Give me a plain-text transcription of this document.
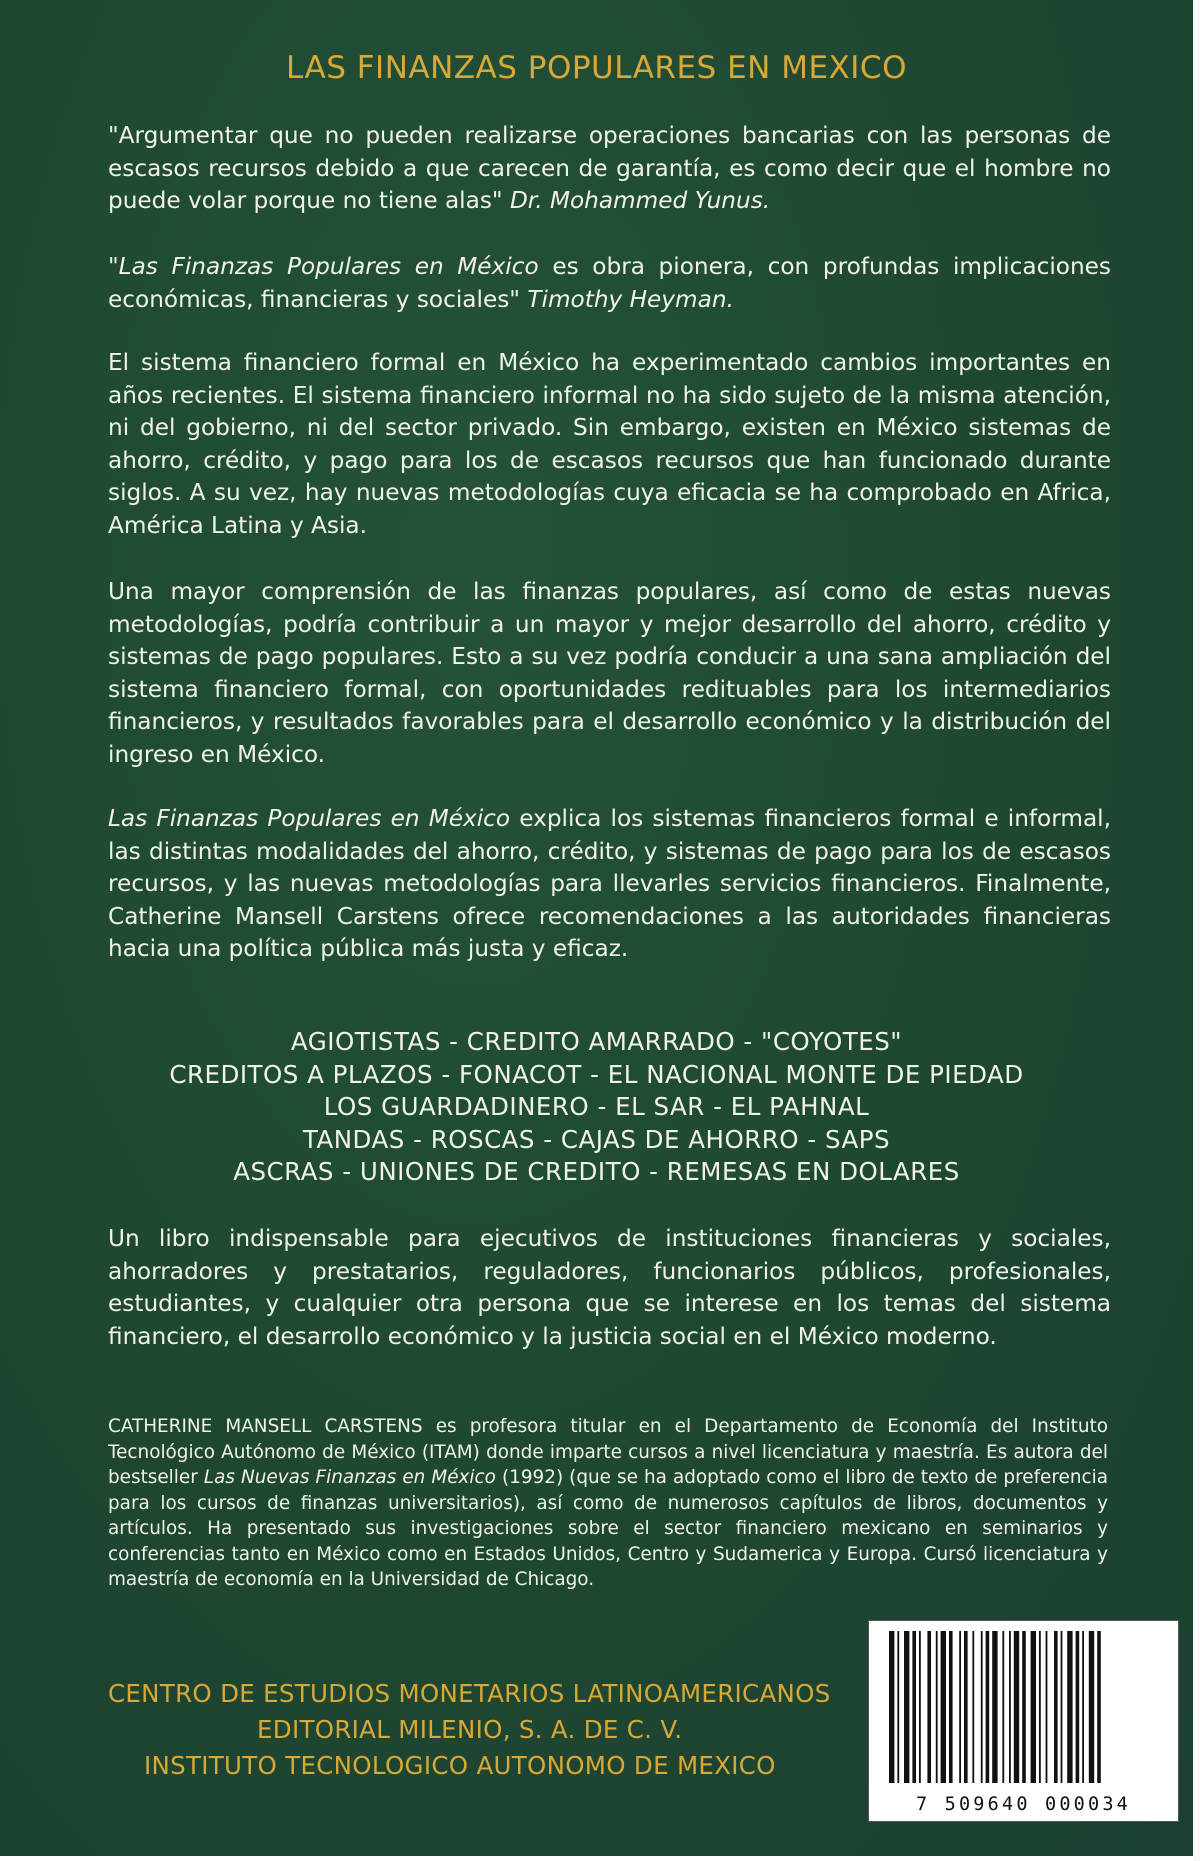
LAS FINANZAS POPULARES EN MEXICO

"Argumentar que no pueden realizarse operaciones bancarias con las personas de escasos recursos debido a que carecen de garantía, es como decir que el hombre no puede volar porque no tiene alas" Dr. Mohammed Yunus.

"Las Finanzas Populares en México es obra pionera, con profundas implicaciones económicas, financieras y sociales" Timothy Heyman.

El sistema financiero formal en México ha experimentado cambios importantes en años recientes. El sistema financiero informal no ha sido sujeto de la misma atención, ni del gobierno, ni del sector privado. Sin embargo, existen en México sistemas de ahorro, crédito, y pago para los de escasos recursos que han funcionado durante siglos. A su vez, hay nuevas metodologías cuya eficacia se ha comprobado en Africa, América Latina y Asia.

Una mayor comprensión de las finanzas populares, así como de estas nuevas metodologías, podría contribuir a un mayor y mejor desarrollo del ahorro, crédito y sistemas de pago populares. Esto a su vez podría conducir a una sana ampliación del sistema financiero formal, con oportunidades redituables para los intermediarios financieros, y resultados favorables para el desarrollo económico y la distribución del ingreso en México.

Las Finanzas Populares en México explica los sistemas financieros formal e informal, las distintas modalidades del ahorro, crédito, y sistemas de pago para los de escasos recursos, y las nuevas metodologías para llevarles servicios financieros. Finalmente, Catherine Mansell Carstens ofrece recomendaciones a las autoridades financieras hacia una política pública más justa y eficaz.

AGIOTISTAS - CREDITO AMARRADO - "COYOTES"
CREDITOS A PLAZOS - FONACOT - EL NACIONAL MONTE DE PIEDAD
LOS GUARDADINERO - EL SAR - EL PAHNAL
TANDAS - ROSCAS - CAJAS DE AHORRO - SAPS
ASCRAS - UNIONES DE CREDITO - REMESAS EN DOLARES

Un libro indispensable para ejecutivos de instituciones financieras y sociales, ahorradores y prestatarios, reguladores, funcionarios públicos, profesionales, estudiantes, y cualquier otra persona que se interese en los temas del sistema financiero, el desarrollo económico y la justicia social en el México moderno.

CATHERINE MANSELL CARSTENS es profesora titular en el Departamento de Economía del Instituto Tecnológico Autónomo de México (ITAM) donde imparte cursos a nivel licenciatura y maestría. Es autora del bestseller Las Nuevas Finanzas en México (1992) (que se ha adoptado como el libro de texto de preferencia para los cursos de finanzas universitarios), así como de numerosos capítulos de libros, documentos y artículos. Ha presentado sus investigaciones sobre el sector financiero mexicano en seminarios y conferencias tanto en México como en Estados Unidos, Centro y Sudamerica y Europa. Cursó licenciatura y maestría de economía en la Universidad de Chicago.

CENTRO DE ESTUDIOS MONETARIOS LATINOAMERICANOS
EDITORIAL MILENIO, S. A. DE C. V.
INSTITUTO TECNOLOGICO AUTONOMO DE MEXICO
7 509640 000034
